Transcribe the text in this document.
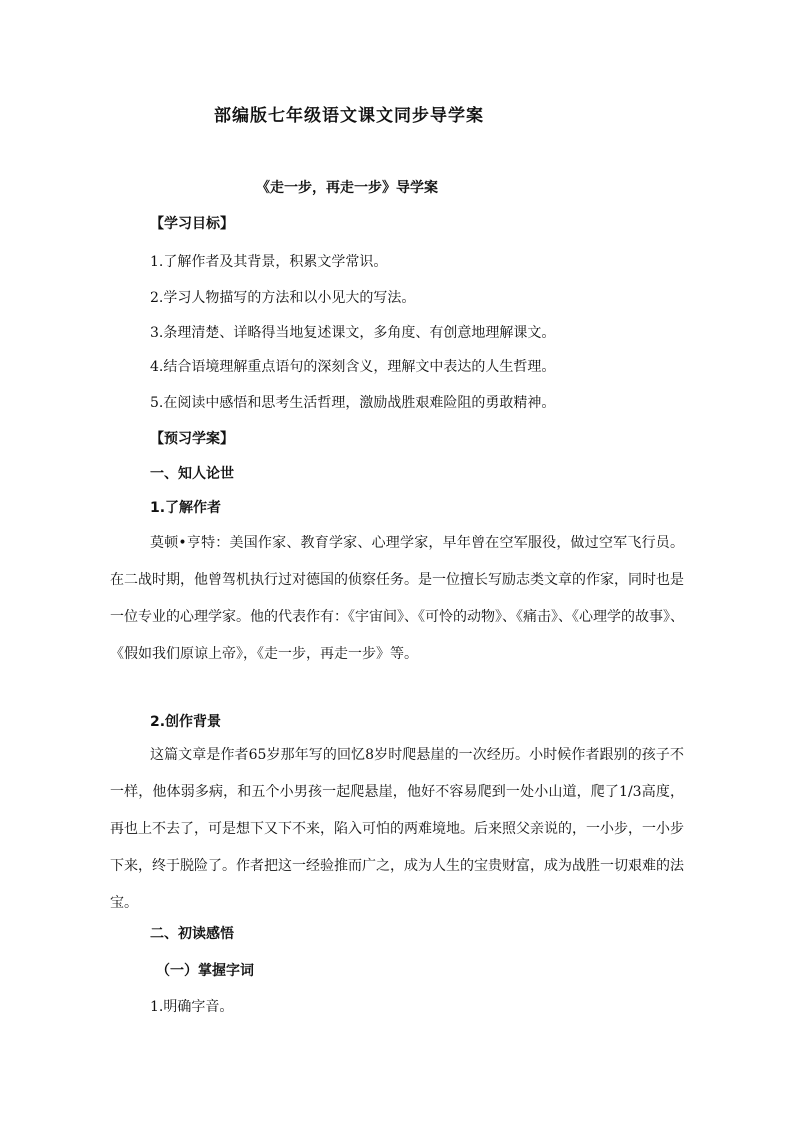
部编版七年级语文课文同步导学案
《走一步，再走一步》导学案

【学习目标】

1.了解作者及其背景，积累文学常识。

2.学习人物描写的方法和以小见大的写法。

3.条理清楚、详略得当地复述课文，多角度、有创意地理解课文。

4.结合语境理解重点语句的深刻含义，理解文中表达的人生哲理。

5.在阅读中感悟和思考生活哲理，激励战胜艰难险阻的勇敢精神。

【预习学案】

一、知人论世

1.了解作者

莫顿•亨特：美国作家、教育学家、心理学家，早年曾在空军服役，做过空军飞行员。在二战时期，他曾驾机执行过对德国的侦察任务。是一位擅长写励志类文章的作家，同时也是一位专业的心理学家。他的代表作有：《宇宙间》、《可怜的动物》、《痛击》、《心理学的故事》、《假如我们原谅上帝》，《走一步，再走一步》等。

2.创作背景

这篇文章是作者65岁那年写的回忆8岁时爬悬崖的一次经历。小时候作者跟别的孩子不一样，他体弱多病，和五个小男孩一起爬悬崖，他好不容易爬到一处小山道，爬了1/3高度，再也上不去了，可是想下又下不来，陷入可怕的两难境地。后来照父亲说的，一小步，一小步下来，终于脱险了。作者把这一经验推而广之，成为人生的宝贵财富，成为战胜一切艰难的法宝。

二、初读感悟

（一）掌握字词

1.明确字音。
